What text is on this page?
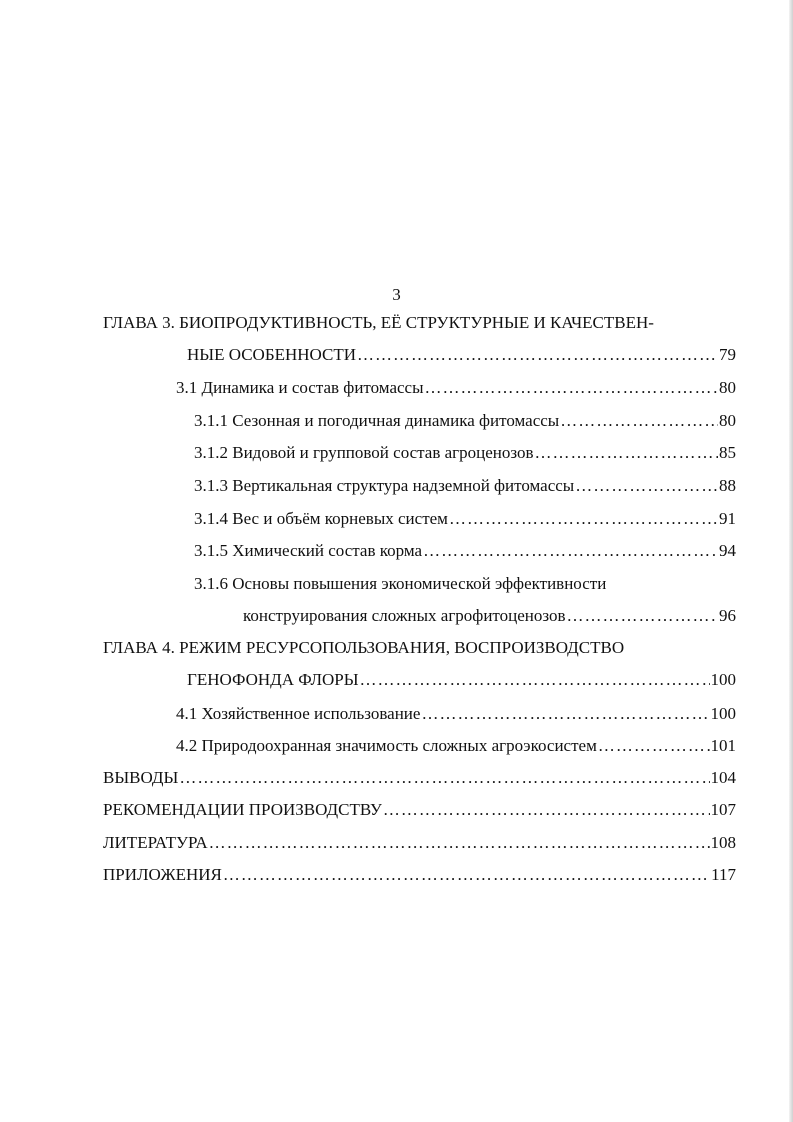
3
ГЛАВА 3. БИОПРОДУКТИВНОСТЬ, ЕЁ СТРУКТУРНЫЕ И КАЧЕСТВЕН-
НЫЕ ОСОБЕННОСТИ ……………………………………………………………………………………………………………………………………………………………………	79
3.1 Динамика и состав фитомассы ……………………………………………………………………………………………………………………………………………………………………	80
3.1.1 Сезонная и погодичная динамика фитомассы ……………………………………………………………………………………………………………………………………………………………………	80
3.1.2 Видовой и групповой состав агроценозов ……………………………………………………………………………………………………………………………………………………………………	85
3.1.3 Вертикальная структура надземной фитомассы ……………………………………………………………………………………………………………………………………………………………………	88
3.1.4 Вес и объём корневых систем ……………………………………………………………………………………………………………………………………………………………………	91
3.1.5 Химический состав корма ……………………………………………………………………………………………………………………………………………………………………	94
3.1.6 Основы повышения экономической эффективности
конструирования сложных агрофитоценозов ……………………………………………………………………………………………………………………………………………………………………	96
ГЛАВА 4. РЕЖИМ РЕСУРСОПОЛЬЗОВАНИЯ, ВОСПРОИЗВОДСТВО
ГЕНОФОНДА ФЛОРЫ ……………………………………………………………………………………………………………………………………………………………………	100
4.1 Хозяйственное использование ……………………………………………………………………………………………………………………………………………………………………	100
4.2 Природоохранная значимость сложных агроэкосистем ……………………………………………………………………………………………………………………………………………………………………	101
ВЫВОДЫ ……………………………………………………………………………………………………………………………………………………………………	104
РЕКОМЕНДАЦИИ ПРОИЗВОДСТВУ ……………………………………………………………………………………………………………………………………………………………………	107
ЛИТЕРАТУРА ……………………………………………………………………………………………………………………………………………………………………	108
ПРИЛОЖЕНИЯ ……………………………………………………………………………………………………………………………………………………………………	117
